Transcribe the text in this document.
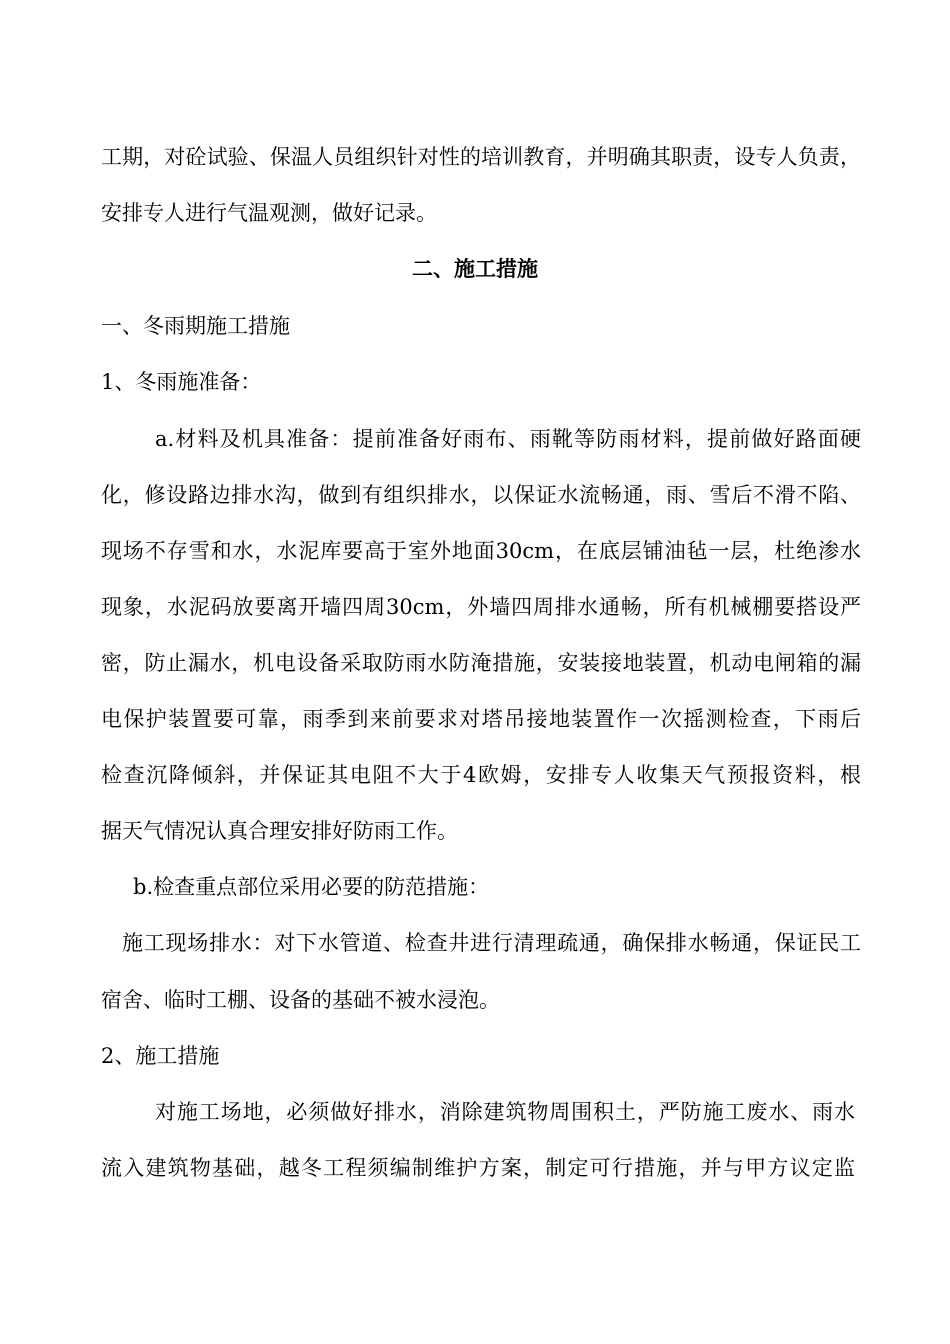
工期，对砼试验、保温人员组织针对性的培训教育，并明确其职责，设专人负责，
安排专人进行气温观测，做好记录。
二、施工措施
一、冬雨期施工措施
1、冬雨施准备：
a.材料及机具准备：提前准备好雨布、雨靴等防雨材料，提前做好路面硬
化，修设路边排水沟，做到有组织排水，以保证水流畅通，雨、雪后不滑不陷、
现场不存雪和水，水泥库要高于室外地面30cm，在底层铺油毡一层，杜绝渗水
现象，水泥码放要离开墙四周30cm，外墙四周排水通畅，所有机械棚要搭设严
密，防止漏水，机电设备采取防雨水防淹措施，安装接地装置，机动电闸箱的漏
电保护装置要可靠，雨季到来前要求对塔吊接地装置作一次摇测检查，下雨后
检查沉降倾斜，并保证其电阻不大于4欧姆，安排专人收集天气预报资料，根
据天气情况认真合理安排好防雨工作。
b.检查重点部位采用必要的防范措施：
施工现场排水：对下水管道、检查井进行清理疏通，确保排水畅通，保证民工
宿舍、临时工棚、设备的基础不被水浸泡。
2、施工措施
对施工场地，必须做好排水，消除建筑物周围积土，严防施工废水、雨水
流入建筑物基础，越冬工程须编制维护方案，制定可行措施，并与甲方议定监
